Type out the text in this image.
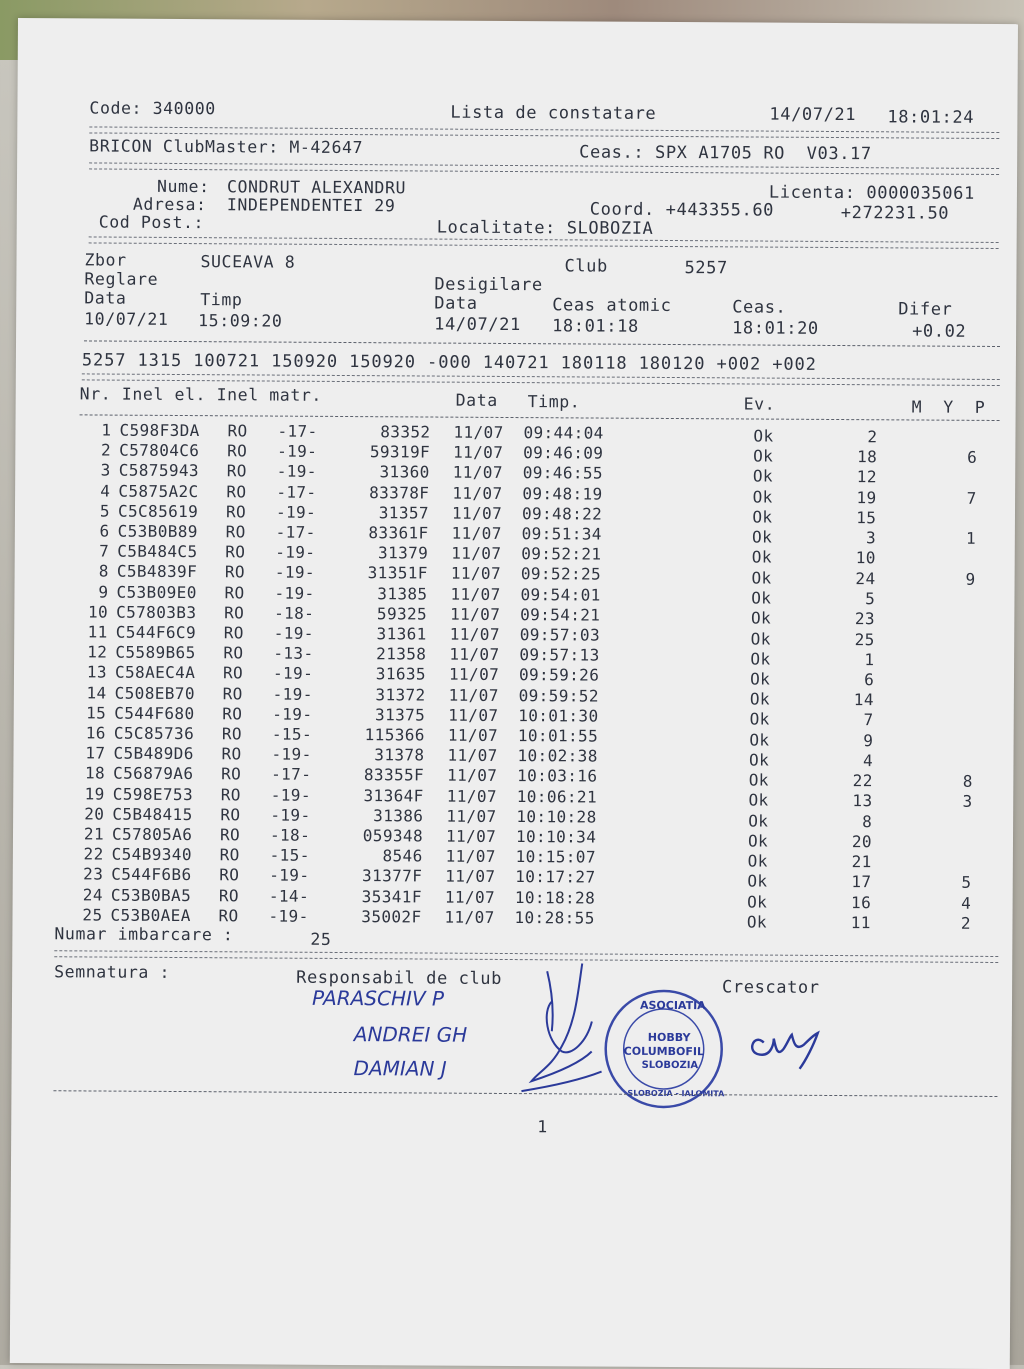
Code: 340000	Lista de constatare	14/07/21 18:01:24
BRICON ClubMaster: M-42647	Ceas.: SPX A1705 RO  V03.17
Nume: CONDRUT ALEXANDRU	Licenta: 0000035061
Adresa: INDEPENDENTEI 29	Coord. +443355.60	+272231.50
Cod Post.:	Localitate: SLOBOZIA
Zbor	SUCEAVA 8	Club	5257
Reglare	Desigilare
Data	Timp	Data	Ceas atomic	Ceas.	Difer
10/07/21 15:09:20	14/07/21 18:01:18	18:01:20	+0.02
5257 1315 100721 150920 150920 -000 140721 180118 180120 +002 +002
Nr. Inel el. Inel matr.	Data Timp.	Ev.	M  Y  P
1 C598F3DA RO -17-	83352 11/07 09:44:04	Ok	2
2 C57804C6 RO -19-	59319F 11/07 09:46:09	Ok	18	6
3 C5875943 RO -19-	31360 11/07 09:46:55	Ok	12
4 C5875A2C RO -17-	83378F 11/07 09:48:19	Ok	19	7
5 C5C85619 RO -19-	31357 11/07 09:48:22	Ok	15
6 C53B0B89 RO -17-	83361F 11/07 09:51:34	Ok	3	1
7 C5B484C5 RO -19-	31379 11/07 09:52:21	Ok	10
8 C5B4839F RO -19-	31351F 11/07 09:52:25	Ok	24	9
9 C53B09E0 RO -19-	31385 11/07 09:54:01	Ok	5
10 C57803B3 RO -18-	59325 11/07 09:54:21	Ok	23
11 C544F6C9 RO -19-	31361 11/07 09:57:03	Ok	25
12 C5589B65 RO -13-	21358 11/07 09:57:13	Ok	1
13 C58AEC4A RO -19-	31635 11/07 09:59:26	Ok	6
14 C508EB70 RO -19-	31372 11/07 09:59:52	Ok	14
15 C544F680 RO -19-	31375 11/07 10:01:30	Ok	7
16 C5C85736 RO -15-	115366 11/07 10:01:55	Ok	9
17 C5B489D6 RO -19-	31378 11/07 10:02:38	Ok	4
18 C56879A6 RO -17-	83355F 11/07 10:03:16	Ok	22	8
19 C598E753 RO -19-	31364F 11/07 10:06:21	Ok	13	3
20 C5B48415 RO -19-	31386 11/07 10:10:28	Ok	8
21 C57805A6 RO -18-	059348 11/07 10:10:34	Ok	20
22 C54B9340 RO -15-	8546 11/07 10:15:07	Ok	21
23 C544F6B6 RO -19-	31377F 11/07 10:17:27	Ok	17	5
24 C53B0BA5 RO -14-	35341F 11/07 10:18:28	Ok	16	4
25 C53B0AEA RO -19-	35002F 11/07 10:28:55	Ok	11	2
Numar imbarcare :	25
Semnatura :	Responsabil de club	Crescator
PARASCHIV P
ANDREI GH
DAMIAN J
ASOCIATIA
HOBBY
COLUMBOFIL
SLOBOZIA
SLOBOZIA - IALOMITA
1
